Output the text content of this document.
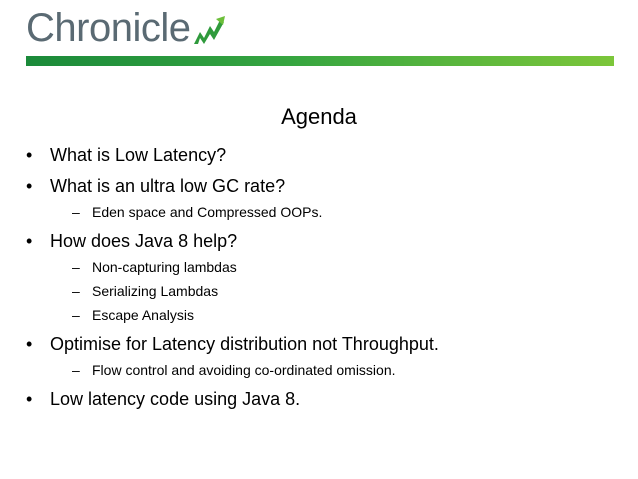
Chronicle
Agenda
• What is Low Latency?
• What is an ultra low GC rate?
– Eden space and Compressed OOPs.
• How does Java 8 help?
– Non-capturing lambdas
– Serializing Lambdas
– Escape Analysis
• Optimise for Latency distribution not Throughput.
– Flow control and avoiding co-ordinated omission.
• Low latency code using Java 8.
